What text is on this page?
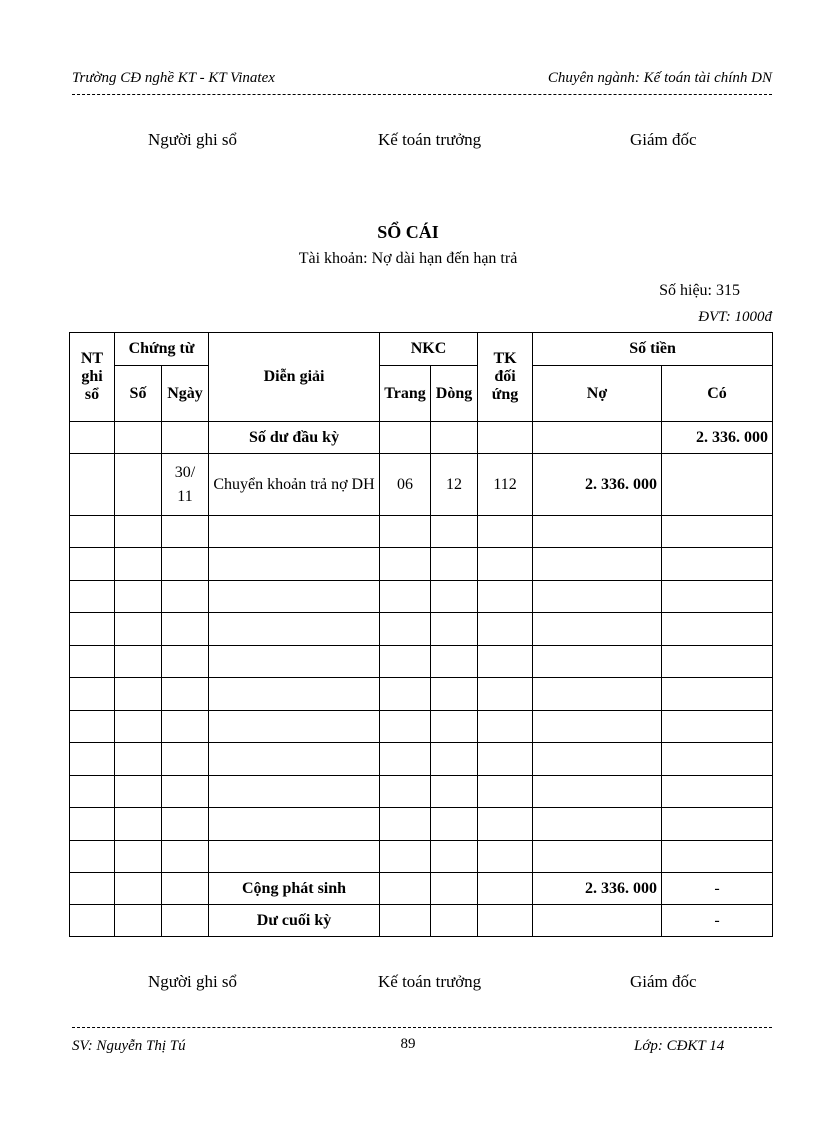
Trường CĐ nghề KT - KT Vinatex	Chuyên ngành: Kế toán tài chính DN
Người ghi sổ	Kế toán trưởng	Giám đốc
SỔ CÁI
Tài khoản: Nợ dài hạn đến hạn trả
Số hiệu: 315
ĐVT: 1000đ
NT ghi sổ	Chứng từ		Diễn giải	NKC		TK đối ứng	Số tiền	
	Số	Ngày		Trang	Dòng		Nợ	Có
			Số dư đầu kỳ					2. 336. 000
		30/ 11	Chuyển khoản trả nợ DH	06	12	112	2. 336. 000	

			Cộng phát sinh				2. 336. 000	-
			Dư cuối kỳ					-
Người ghi sổ	Kế toán trưởng	Giám đốc
SV: Nguyễn Thị Tú	89	Lớp: CĐKT 14
